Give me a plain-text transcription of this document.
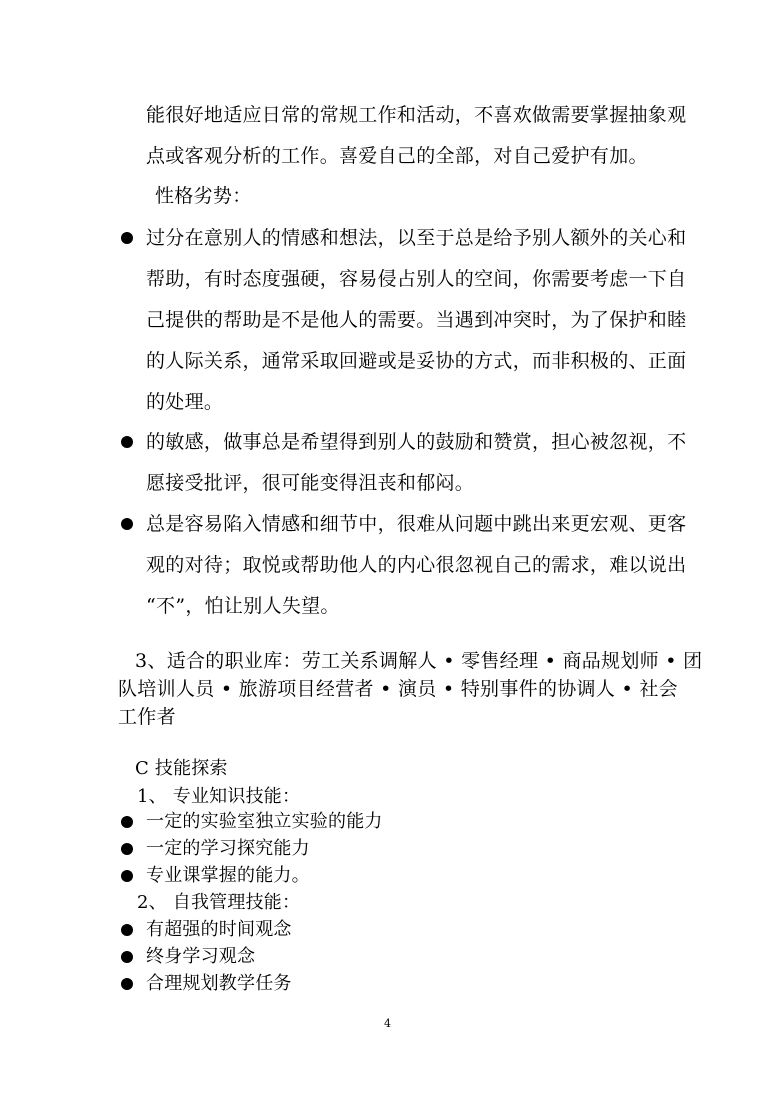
能很好地适应日常的常规工作和活动，不喜欢做需要掌握抽象观
点或客观分析的工作。喜爱自己的全部，对自己爱护有加。
性格劣势：
过分在意别人的情感和想法，以至于总是给予别人额外的关心和
帮助，有时态度强硬，容易侵占别人的空间，你需要考虑一下自
己提供的帮助是不是他人的需要。当遇到冲突时，为了保护和睦
的人际关系，通常采取回避或是妥协的方式，而非积极的、正面
的处理。
的敏感，做事总是希望得到别人的鼓励和赞赏，担心被忽视，不
愿接受批评，很可能变得沮丧和郁闷。
总是容易陷入情感和细节中，很难从问题中跳出来更宏观、更客
观的对待；取悦或帮助他人的内心很忽视自己的需求，难以说出
“不”，怕让别人失望。
3、适合的职业库：劳工关系调解人 • 零售经理 • 商品规划师 • 团
队培训人员 • 旅游项目经营者 • 演员 • 特别事件的协调人 • 社会
工作者
C 技能探索
1、 专业知识技能：
一定的实验室独立实验的能力
一定的学习探究能力
专业课掌握的能力。
2、 自我管理技能：
有超强的时间观念
终身学习观念
合理规划教学任务
4
